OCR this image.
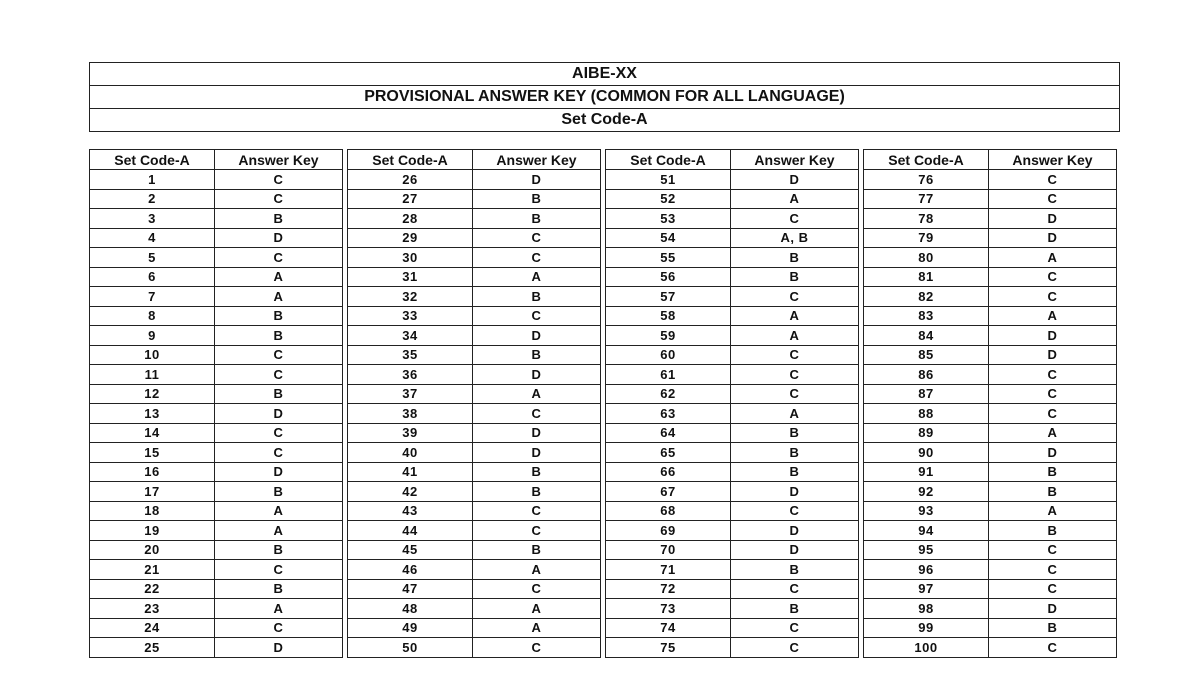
AIBE-XX
PROVISIONAL ANSWER KEY (COMMON FOR ALL LANGUAGE)
Set Code-A
Set Code-A	Answer Key
1	C
2	C
3	B
4	D
5	C
6	A
7	A
8	B
9	B
10	C
11	C
12	B
13	D
14	C
15	C
16	D
17	B
18	A
19	A
20	B
21	C
22	B
23	A
24	C
25	D
Set Code-A	Answer Key
26	D
27	B
28	B
29	C
30	C
31	A
32	B
33	C
34	D
35	B
36	D
37	A
38	C
39	D
40	D
41	B
42	B
43	C
44	C
45	B
46	A
47	C
48	A
49	A
50	C
Set Code-A	Answer Key
51	D
52	A
53	C
54	A, B
55	B
56	B
57	C
58	A
59	A
60	C
61	C
62	C
63	A
64	B
65	B
66	B
67	D
68	C
69	D
70	D
71	B
72	C
73	B
74	C
75	C
Set Code-A	Answer Key
76	C
77	C
78	D
79	D
80	A
81	C
82	C
83	A
84	D
85	D
86	C
87	C
88	C
89	A
90	D
91	B
92	B
93	A
94	B
95	C
96	C
97	C
98	D
99	B
100	C
